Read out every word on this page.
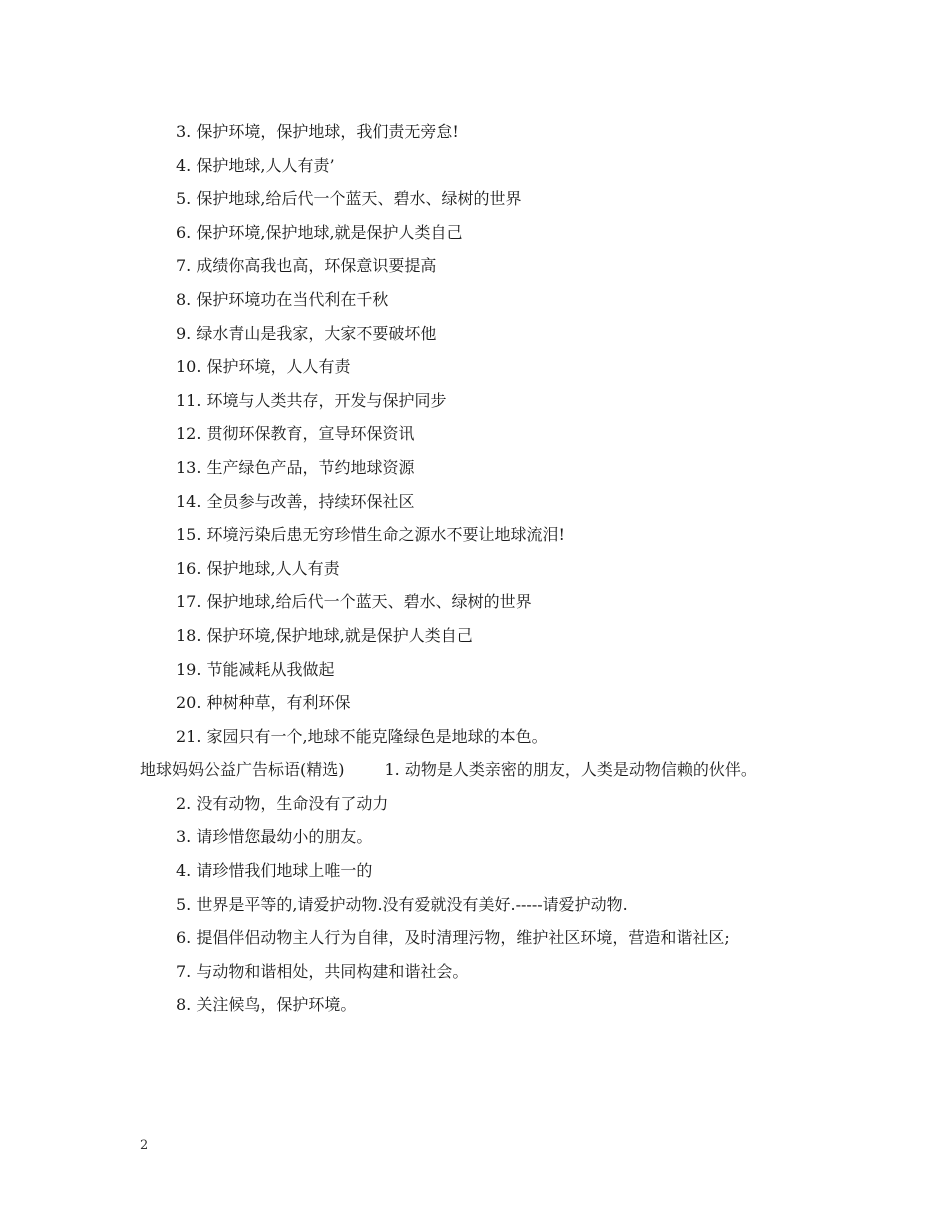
3. 保护环境，保护地球，我们责无旁怠!
4. 保护地球,人人有责’
5. 保护地球,给后代一个蓝天、碧水、绿树的世界
6. 保护环境,保护地球,就是保护人类自己
7. 成绩你高我也高，环保意识要提高
8. 保护环境功在当代利在千秋
9. 绿水青山是我家，大家不要破坏他
10. 保护环境，人人有责
11. 环境与人类共存，开发与保护同步
12. 贯彻环保教育，宣导环保资讯
13. 生产绿色产品，节约地球资源
14. 全员参与改善，持续环保社区
15. 环境污染后患无穷珍惜生命之源水不要让地球流泪!
16. 保护地球,人人有责
17. 保护地球,给后代一个蓝天、碧水、绿树的世界
18. 保护环境,保护地球,就是保护人类自己
19. 节能减耗从我做起
20. 种树种草，有利环保
21. 家园只有一个,地球不能克隆绿色是地球的本色。
地球妈妈公益广告标语(精选)	1. 动物是人类亲密的朋友，人类是动物信赖的伙伴。
2. 没有动物，生命没有了动力
3. 请珍惜您最幼小的朋友。
4. 请珍惜我们地球上唯一的
5. 世界是平等的,请爱护动物.没有爱就没有美好.-----请爱护动物.
6. 提倡伴侣动物主人行为自律，及时清理污物，维护社区环境，营造和谐社区;
7. 与动物和谐相处，共同构建和谐社会。
8. 关注候鸟，保护环境。
2
